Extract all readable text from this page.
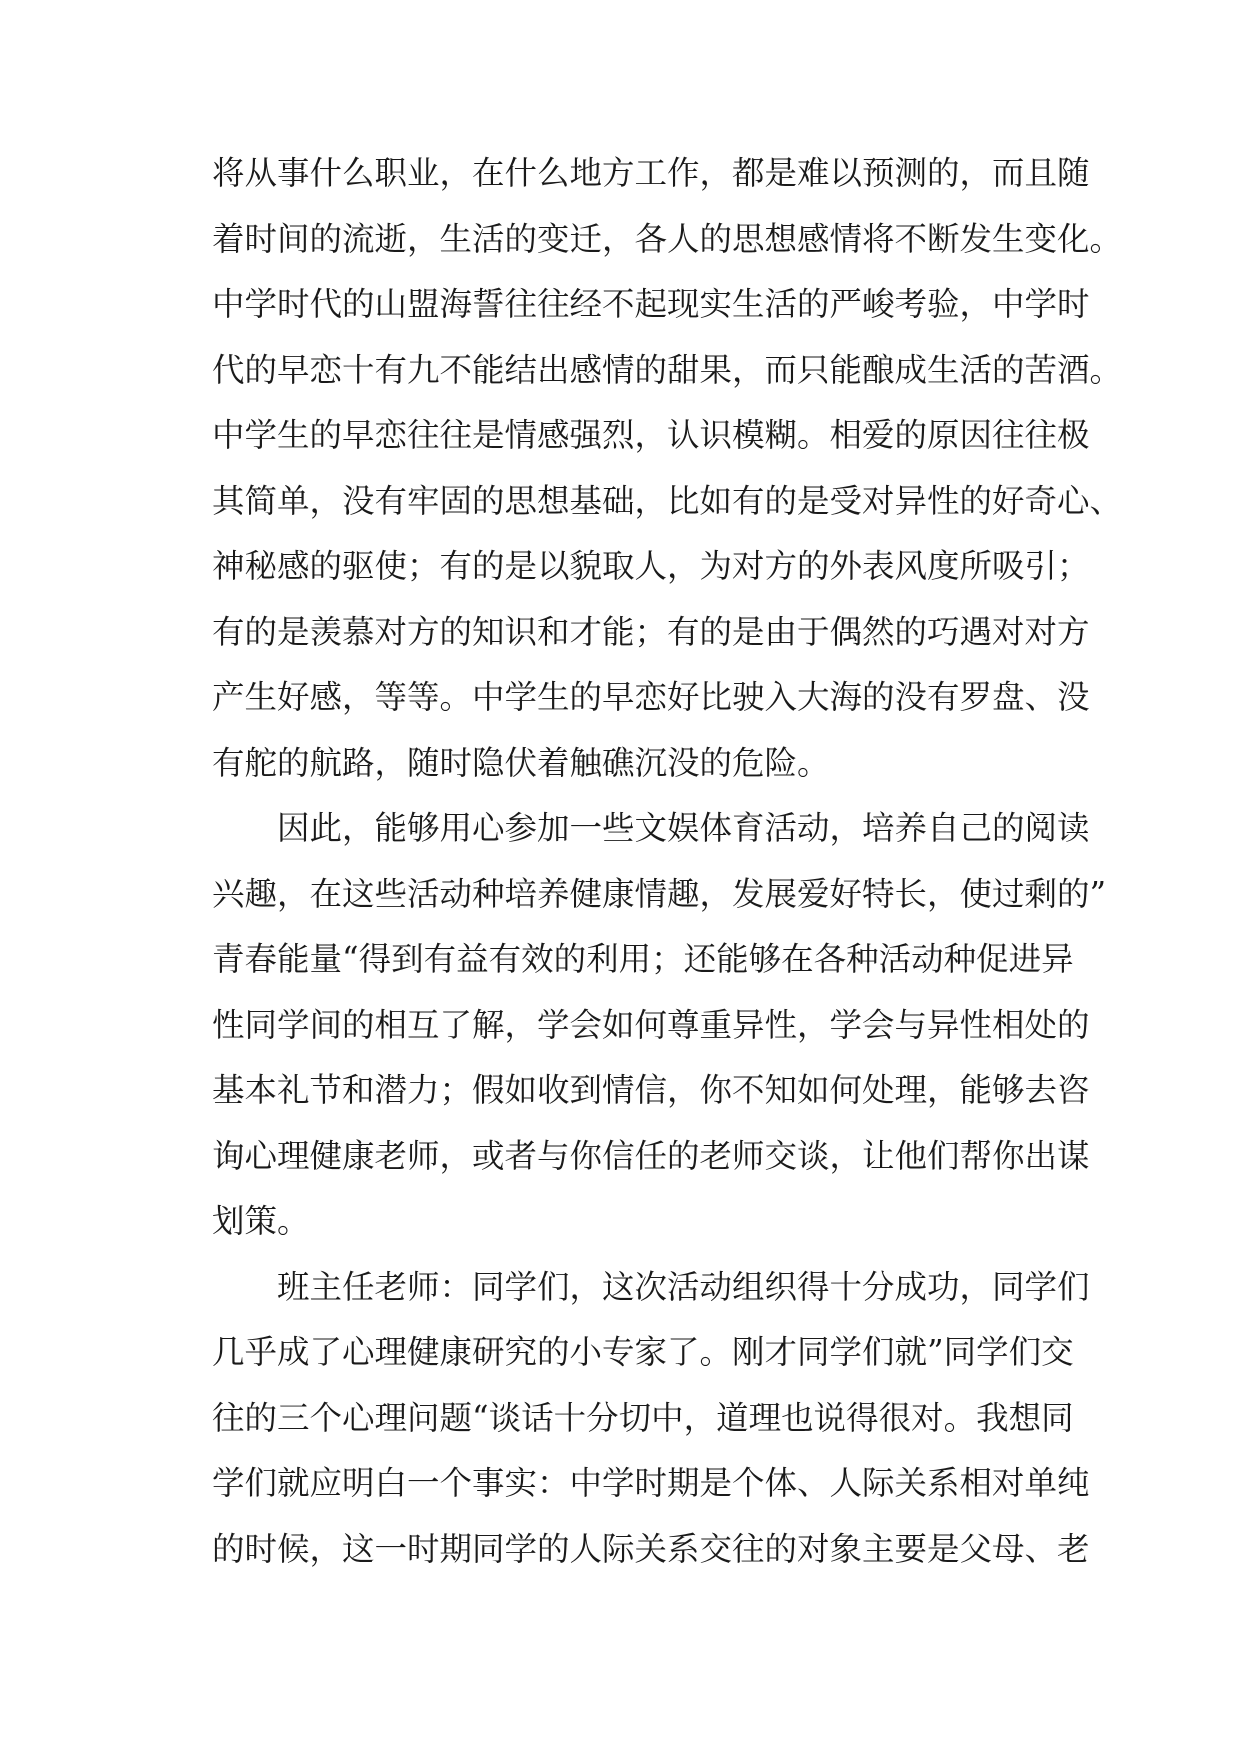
将从事什么职业，在什么地方工作，都是难以预测的，而且随
着时间的流逝，生活的变迁，各人的思想感情将不断发生变化。
中学时代的山盟海誓往往经不起现实生活的严峻考验，中学时
代的早恋十有九不能结出感情的甜果，而只能酿成生活的苦酒。
中学生的早恋往往是情感强烈，认识模糊。相爱的原因往往极
其简单，没有牢固的思想基础，比如有的是受对异性的好奇心、
神秘感的驱使；有的是以貌取人，为对方的外表风度所吸引；
有的是羡慕对方的知识和才能；有的是由于偶然的巧遇对对方
产生好感，等等。中学生的早恋好比驶入大海的没有罗盘、没
有舵的航路，随时隐伏着触礁沉没的危险。
因此，能够用心参加一些文娱体育活动，培养自己的阅读
兴趣，在这些活动种培养健康情趣，发展爱好特长，使过剩的”
青春能量“得到有益有效的利用；还能够在各种活动种促进异
性同学间的相互了解，学会如何尊重异性，学会与异性相处的
基本礼节和潜力；假如收到情信，你不知如何处理，能够去咨
询心理健康老师，或者与你信任的老师交谈，让他们帮你出谋
划策。
班主任老师：同学们，这次活动组织得十分成功，同学们
几乎成了心理健康研究的小专家了。刚才同学们就”同学们交
往的三个心理问题“谈话十分切中，道理也说得很对。我想同
学们就应明白一个事实：中学时期是个体、人际关系相对单纯
的时候，这一时期同学的人际关系交往的对象主要是父母、老
